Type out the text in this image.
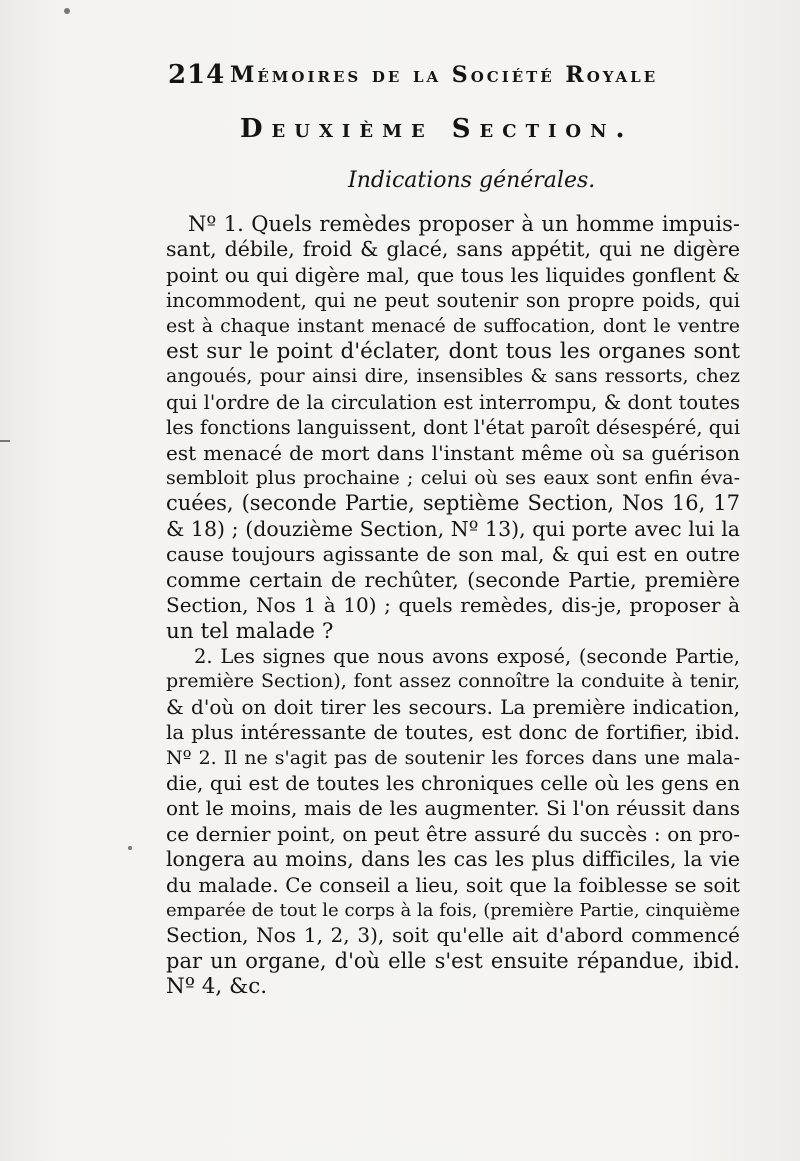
214 Mémoires de la Société Royale
Deuxième Section.
Indications générales.

Nº 1. Quels remèdes proposer à un homme impuis-
sant, débile, froid & glacé, sans appétit, qui ne digère
point ou qui digère mal, que tous les liquides gonflent &
incommodent, qui ne peut soutenir son propre poids, qui
est à chaque instant menacé de suffocation, dont le ventre
est sur le point d'éclater, dont tous les organes sont
angoués, pour ainsi dire, insensibles & sans ressorts, chez
qui l'ordre de la circulation est interrompu, & dont toutes
les fonctions languissent, dont l'état paroît désespéré, qui
est menacé de mort dans l'instant même où sa guérison
sembloit plus prochaine ; celui où ses eaux sont enfin éva-
cuées, (seconde Partie, septième Section, Nos 16, 17
& 18) ; (douzième Section, Nº 13), qui porte avec lui la
cause toujours agissante de son mal, & qui est en outre
comme certain de rechûter, (seconde Partie, première
Section, Nos 1 à 10) ; quels remèdes, dis-je, proposer à
un tel malade ?

2. Les signes que nous avons exposé, (seconde Partie,
première Section), font assez connoître la conduite à tenir,
& d'où on doit tirer les secours. La première indication,
la plus intéressante de toutes, est donc de fortifier, ibid.
Nº 2. Il ne s'agit pas de soutenir les forces dans une mala-
die, qui est de toutes les chroniques celle où les gens en
ont le moins, mais de les augmenter. Si l'on réussit dans
ce dernier point, on peut être assuré du succès : on pro-
longera au moins, dans les cas les plus difficiles, la vie
du malade. Ce conseil a lieu, soit que la foiblesse se soit
emparée de tout le corps à la fois, (première Partie, cinquième
Section, Nos 1, 2, 3), soit qu'elle ait d'abord commencé
par un organe, d'où elle s'est ensuite répandue, ibid.
Nº 4, &c.
